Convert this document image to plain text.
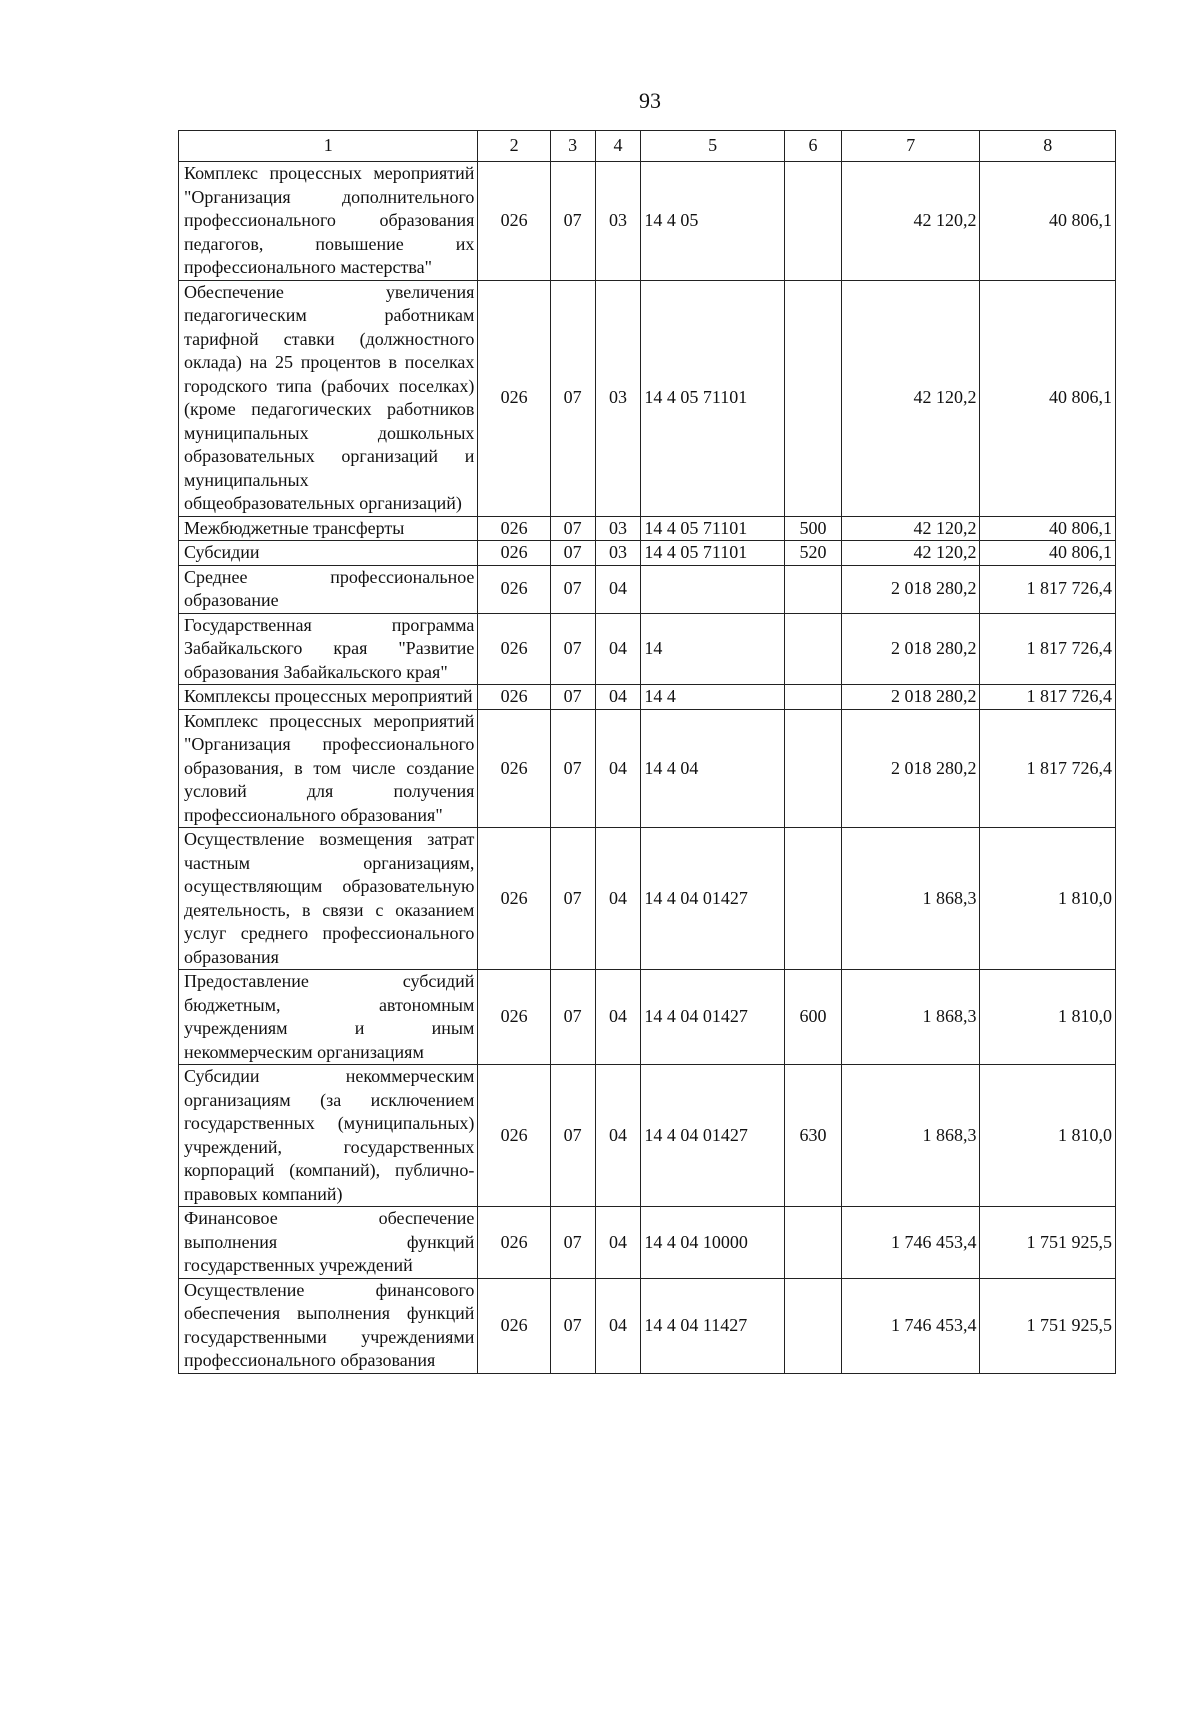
93
1	2	3	4	5	6	7	8
Комплекс процессных мероприятий "Организация дополнительного профессионального образования педагогов, повышение их профессионального мастерства"	026	07	03	14 4 05		42 120,2	40 806,1
Обеспечение увеличения педагогическим работникам тарифной ставки (должностного оклада) на 25 процентов в поселках городского типа (рабочих поселках) (кроме педагогических работников муниципальных дошкольных образовательных организаций и муниципальных общеобразовательных организаций)	026	07	03	14 4 05 71101		42 120,2	40 806,1
Межбюджетные трансферты	026	07	03	14 4 05 71101	500	42 120,2	40 806,1
Субсидии	026	07	03	14 4 05 71101	520	42 120,2	40 806,1
Среднее профессиональное образование	026	07	04			2 018 280,2	1 817 726,4
Государственная программа Забайкальского края "Развитие образования Забайкальского края"	026	07	04	14		2 018 280,2	1 817 726,4
Комплексы процессных мероприятий	026	07	04	14 4		2 018 280,2	1 817 726,4
Комплекс процессных мероприятий "Организация профессионального образования, в том числе создание условий для получения профессионального образования"	026	07	04	14 4 04		2 018 280,2	1 817 726,4
Осуществление возмещения затрат частным организациям, осуществляющим образовательную деятельность, в связи с оказанием услуг среднего профессионального образования	026	07	04	14 4 04 01427		1 868,3	1 810,0
Предоставление субсидий бюджетным, автономным учреждениям и иным некоммерческим организациям	026	07	04	14 4 04 01427	600	1 868,3	1 810,0
Субсидии некоммерческим организациям (за исключением государственных (муниципальных) учреждений, государственных корпораций (компаний), публично-правовых компаний)	026	07	04	14 4 04 01427	630	1 868,3	1 810,0
Финансовое обеспечение выполнения функций государственных учреждений	026	07	04	14 4 04 10000		1 746 453,4	1 751 925,5
Осуществление финансового обеспечения выполнения функций государственными учреждениями профессионального образования	026	07	04	14 4 04 11427		1 746 453,4	1 751 925,5
